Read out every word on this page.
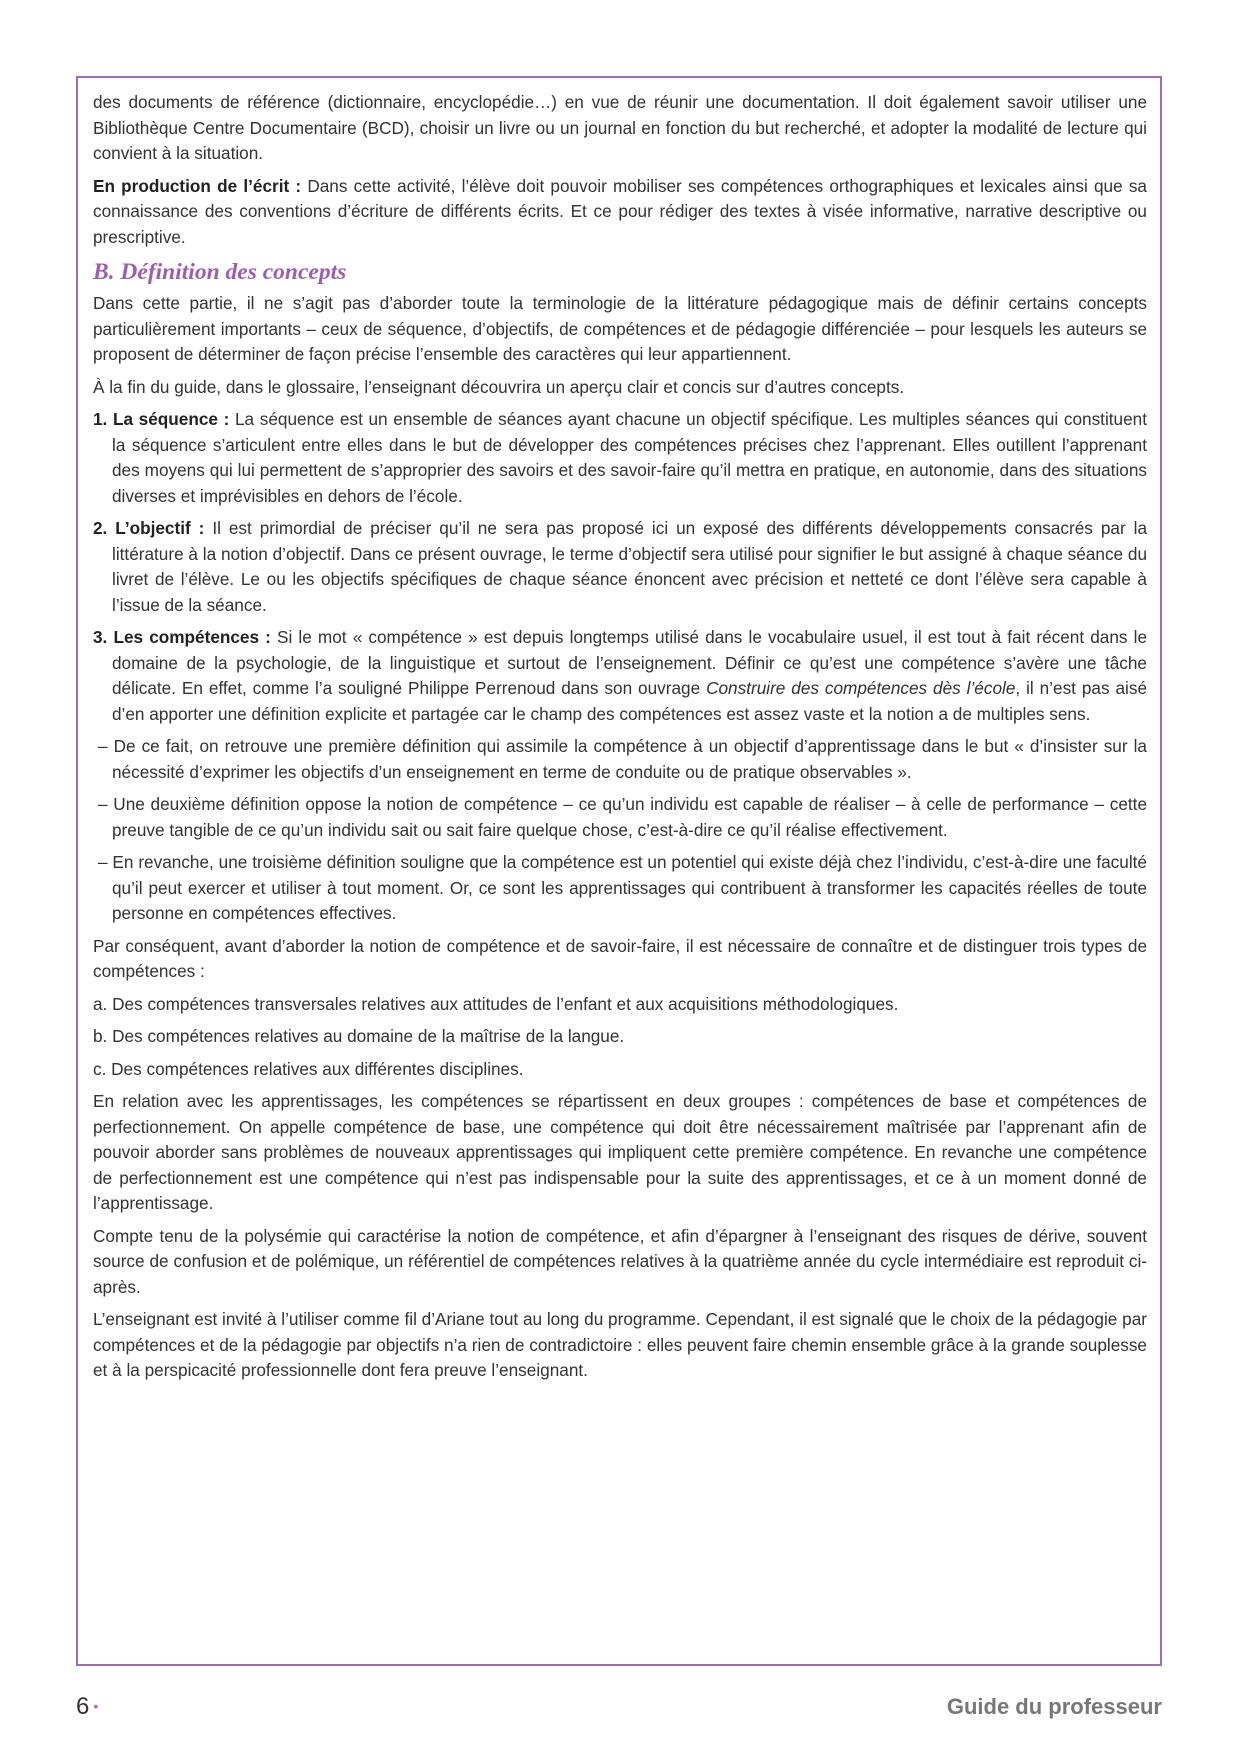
des documents de référence (dictionnaire, encyclopédie…) en vue de réunir une documentation. Il doit également savoir utiliser une Bibliothèque Centre Documentaire (BCD), choisir un livre ou un journal en fonction du but recherché, et adopter la modalité de lecture qui convient à la situation.

En production de l’écrit : Dans cette activité, l’élève doit pouvoir mobiliser ses compétences orthographiques et lexicales ainsi que sa connaissance des conventions d’écriture de différents écrits. Et ce pour rédiger des textes à visée informative, narrative descriptive ou prescriptive.

B. Définition des concepts

Dans cette partie, il ne s’agit pas d’aborder toute la terminologie de la littérature pédagogique mais de définir certains concepts particulièrement importants – ceux de séquence, d’objectifs, de compétences et de pédagogie différenciée – pour lesquels les auteurs se proposent de déterminer de façon précise l’ensemble des caractères qui leur appartiennent.

À la fin du guide, dans le glossaire, l’enseignant découvrira un aperçu clair et concis sur d’autres concepts.

1. La séquence : La séquence est un ensemble de séances ayant chacune un objectif spécifique. Les multiples séances qui constituent la séquence s’articulent entre elles dans le but de développer des compétences précises chez l’apprenant. Elles outillent l’apprenant des moyens qui lui permettent de s’approprier des savoirs et des savoir-faire qu’il mettra en pratique, en autonomie, dans des situations diverses et imprévisibles en dehors de l’école.

2. L’objectif : Il est primordial de préciser qu’il ne sera pas proposé ici un exposé des différents développements consacrés par la littérature à la notion d’objectif. Dans ce présent ouvrage, le terme d’objectif sera utilisé pour signifier le but assigné à chaque séance du livret de l’élève. Le ou les objectifs spécifiques de chaque séance énoncent avec précision et netteté ce dont l’élève sera capable à l’issue de la séance.

3. Les compétences : Si le mot « compétence » est depuis longtemps utilisé dans le vocabulaire usuel, il est tout à fait récent dans le domaine de la psychologie, de la linguistique et surtout de l’enseignement. Définir ce qu’est une compétence s’avère une tâche délicate. En effet, comme l’a souligné Philippe Perrenoud dans son ouvrage Construire des compétences dès l’école, il n’est pas aisé d’en apporter une définition explicite et partagée car le champ des compétences est assez vaste et la notion a de multiples sens.

– De ce fait, on retrouve une première définition qui assimile la compétence à un objectif d’apprentissage dans le but « d’insister sur la nécessité d’exprimer les objectifs d’un enseignement en terme de conduite ou de pratique observables ».

– Une deuxième définition oppose la notion de compétence – ce qu’un individu est capable de réaliser – à celle de performance – cette preuve tangible de ce qu’un individu sait ou sait faire quelque chose, c’est-à-dire ce qu’il réalise effectivement.

– En revanche, une troisième définition souligne que la compétence est un potentiel qui existe déjà chez l’individu, c’est-à-dire une faculté qu’il peut exercer et utiliser à tout moment. Or, ce sont les apprentissages qui contribuent à transformer les capacités réelles de toute personne en compétences effectives.

Par conséquent, avant d’aborder la notion de compétence et de savoir-faire, il est nécessaire de connaître et de distinguer trois types de compétences :

a. Des compétences transversales relatives aux attitudes de l’enfant et aux acquisitions méthodologiques.

b. Des compétences relatives au domaine de la maîtrise de la langue.

c. Des compétences relatives aux différentes disciplines.

En relation avec les apprentissages, les compétences se répartissent en deux groupes : compétences de base et compétences de perfectionnement. On appelle compétence de base, une compétence qui doit être nécessairement maîtrisée par l’apprenant afin de pouvoir aborder sans problèmes de nouveaux apprentissages qui impliquent cette première compétence. En revanche une compétence de perfectionnement est une compétence qui n’est pas indispensable pour la suite des apprentissages, et ce à un moment donné de l’apprentissage.

Compte tenu de la polysémie qui caractérise la notion de compétence, et afin d’épargner à l’enseignant des risques de dérive, souvent source de confusion et de polémique, un référentiel de compétences relatives à la quatrième année du cycle intermédiaire est reproduit ci-après.

L’enseignant est invité à l’utiliser comme fil d’Ariane tout au long du programme. Cependant, il est signalé que le choix de la pédagogie par compétences et de la pédagogie par objectifs n’a rien de contradictoire : elles peuvent faire chemin ensemble grâce à la grande souplesse et à la perspicacité professionnelle dont fera preuve l’enseignant.

6 •	Guide du professeur
